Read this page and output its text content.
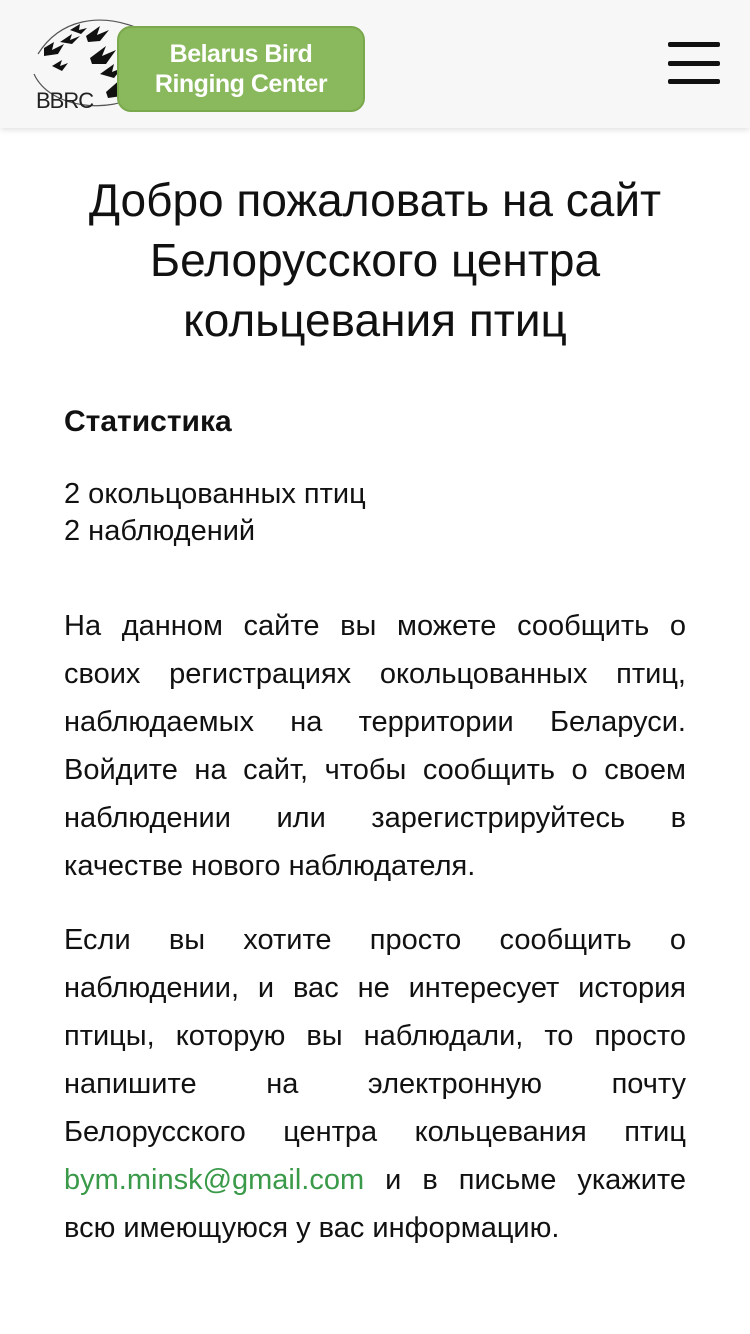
BBRC
Belarus Bird
Ringing Center
Добро пожаловать на сайт Белорусского центра кольцевания птиц
Статистика
2 окольцованных птиц
2 наблюдений

На данном сайте вы можете сообщить о своих регистрациях окольцованных птиц, наблюдаемых на территории Беларуси. Войдите на сайт, чтобы сообщить о своем наблюдении или зарегистрируйтесь в качестве нового наблюдателя.

Если вы хотите просто сообщить о наблюдении, и вас не интересует история птицы, которую вы наблюдали, то просто напишите на электронную почту Белорусского центра кольцевания птиц bym.minsk@gmail.com и в письме укажите всю имеющуюся у вас информацию.
